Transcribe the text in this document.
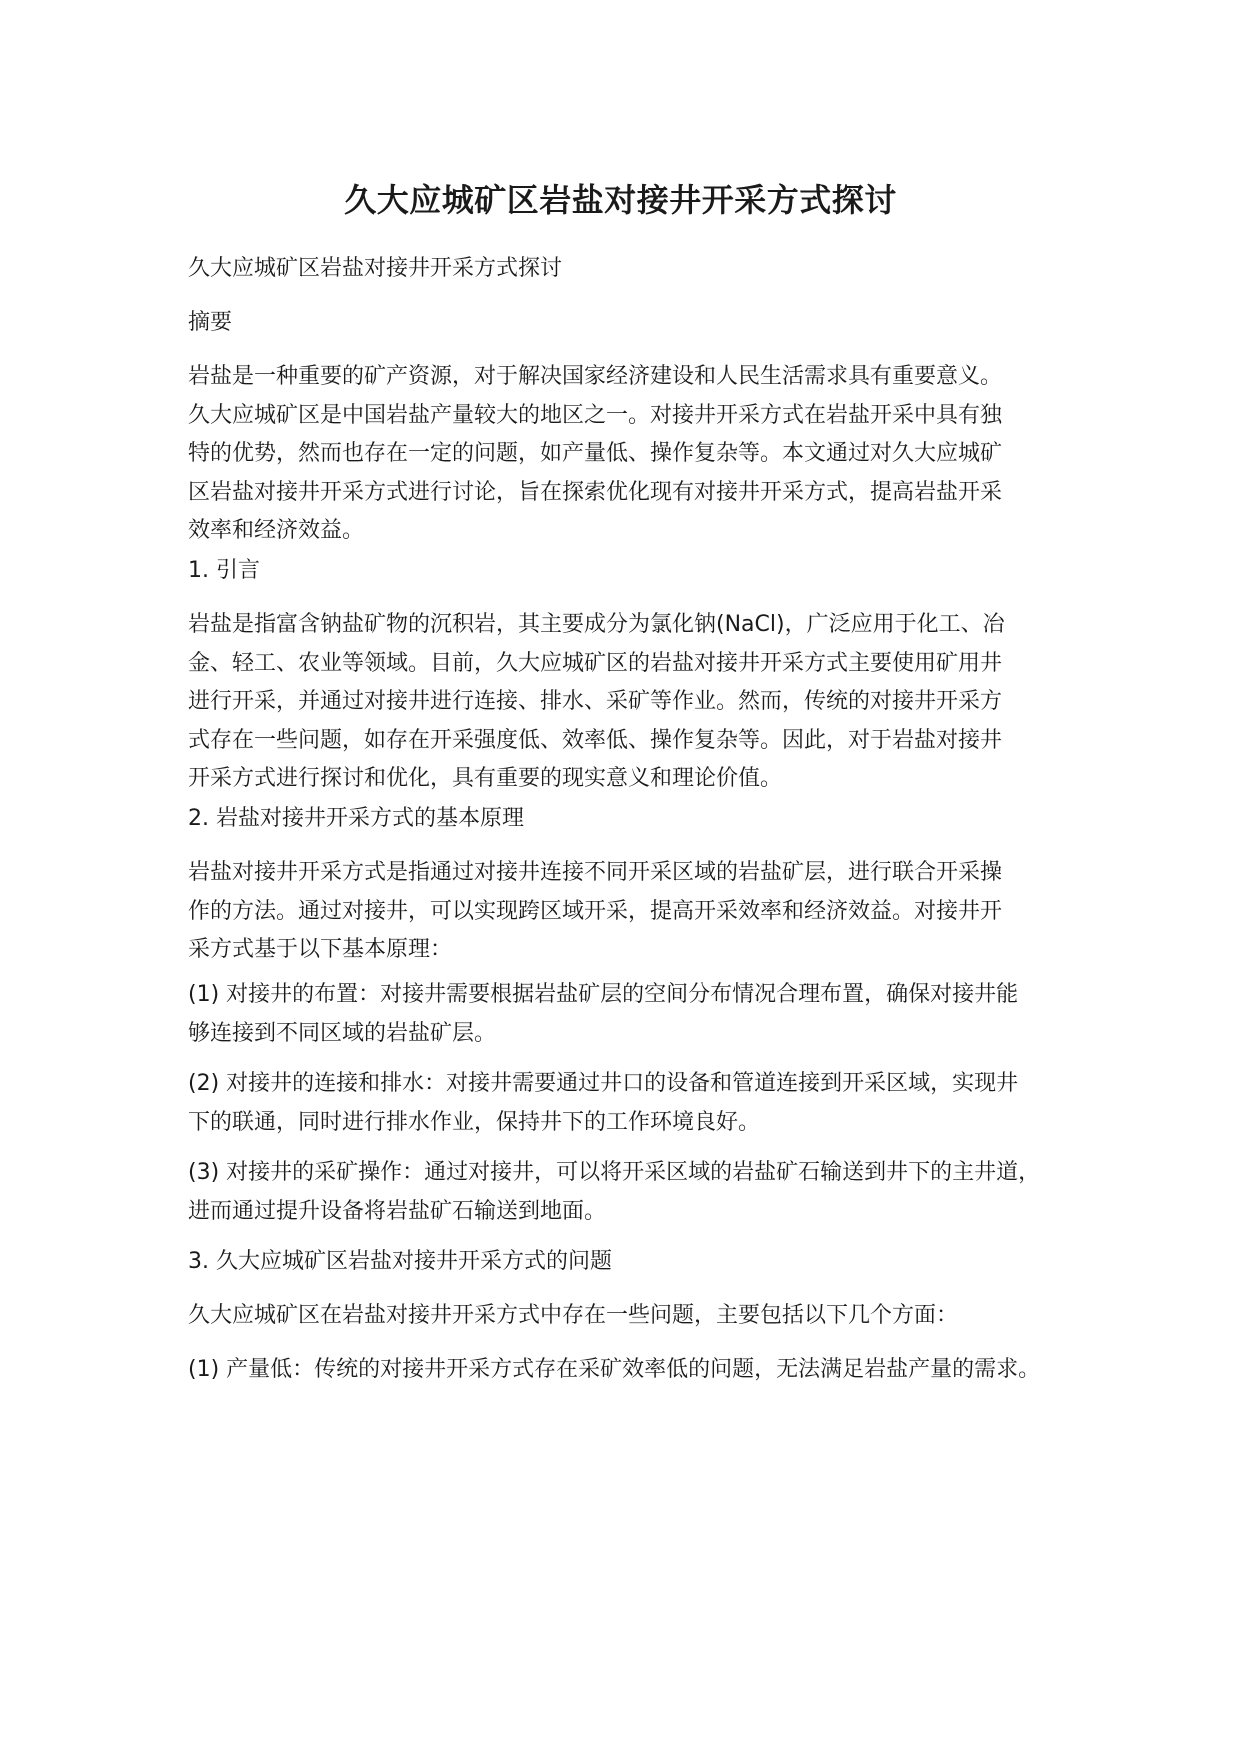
久大应城矿区岩盐对接井开采方式探讨
久大应城矿区岩盐对接井开采方式探讨
摘要
岩盐是一种重要的矿产资源，对于解决国家经济建设和人民生活需求具有重要意义。
久大应城矿区是中国岩盐产量较大的地区之一。对接井开采方式在岩盐开采中具有独
特的优势，然而也存在一定的问题，如产量低、操作复杂等。本文通过对久大应城矿
区岩盐对接井开采方式进行讨论，旨在探索优化现有对接井开采方式，提高岩盐开采
效率和经济效益。
1. 引言
岩盐是指富含钠盐矿物的沉积岩，其主要成分为氯化钠(NaCl)，广泛应用于化工、冶
金、轻工、农业等领域。目前，久大应城矿区的岩盐对接井开采方式主要使用矿用井
进行开采，并通过对接井进行连接、排水、采矿等作业。然而，传统的对接井开采方
式存在一些问题，如存在开采强度低、效率低、操作复杂等。因此，对于岩盐对接井
开采方式进行探讨和优化，具有重要的现实意义和理论价值。
2. 岩盐对接井开采方式的基本原理
岩盐对接井开采方式是指通过对接井连接不同开采区域的岩盐矿层，进行联合开采操
作的方法。通过对接井，可以实现跨区域开采，提高开采效率和经济效益。对接井开
采方式基于以下基本原理：
(1) 对接井的布置：对接井需要根据岩盐矿层的空间分布情况合理布置，确保对接井能
够连接到不同区域的岩盐矿层。
(2) 对接井的连接和排水：对接井需要通过井口的设备和管道连接到开采区域，实现井
下的联通，同时进行排水作业，保持井下的工作环境良好。
(3) 对接井的采矿操作：通过对接井，可以将开采区域的岩盐矿石输送到井下的主井道，
进而通过提升设备将岩盐矿石输送到地面。
3. 久大应城矿区岩盐对接井开采方式的问题
久大应城矿区在岩盐对接井开采方式中存在一些问题，主要包括以下几个方面：
(1) 产量低：传统的对接井开采方式存在采矿效率低的问题，无法满足岩盐产量的需求。
